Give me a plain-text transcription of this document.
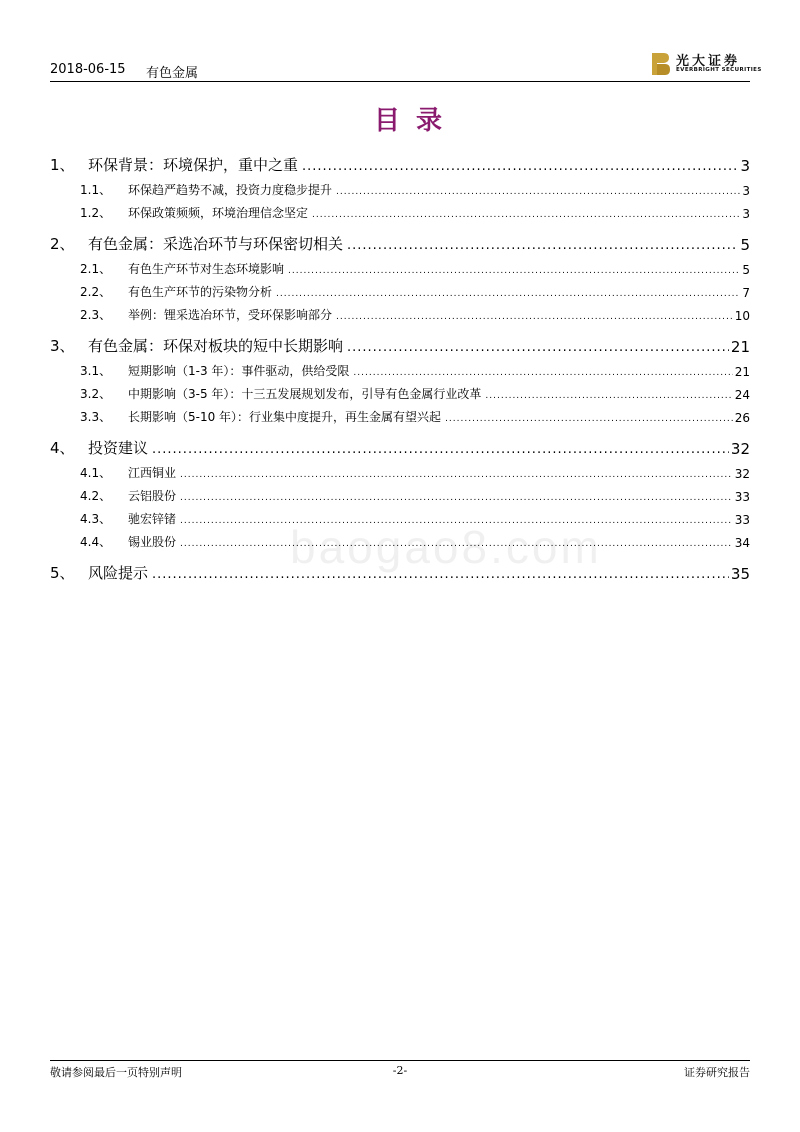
2018-06-15 有色金属
光大证券
EVERBRIGHT SECURITIES
目录
1、 环保背景：环境保护，重中之重 .....	3
1.1、	环保趋严趋势不减，投资力度稳步提升 .....	3
1.2、	环保政策频频，环境治理信念坚定 .....	3
2、 有色金属：采选冶环节与环保密切相关 .....	5
2.1、	有色生产环节对生态环境影响 .....	5
2.2、	有色生产环节的污染物分析 .....	7
2.3、	举例：锂采选冶环节，受环保影响部分 .....	10
3、 有色金属：环保对板块的短中长期影响 .....	21
3.1、	短期影响（1-3 年）：事件驱动，供给受限 .....	21
3.2、	中期影响（3-5 年）：十三五发展规划发布，引导有色金属行业改革 .....	24
3.3、	长期影响（5-10 年）：行业集中度提升，再生金属有望兴起 .....	26
4、 投资建议 .....	32
4.1、	江西铜业 .....	32
4.2、	云铝股份 .....	33
4.3、	驰宏锌锗 .....	33
4.4、	锡业股份 .....	34
5、 风险提示 .....	35
baogao8.com
敬请参阅最后一页特别声明	-2-	证券研究报告
